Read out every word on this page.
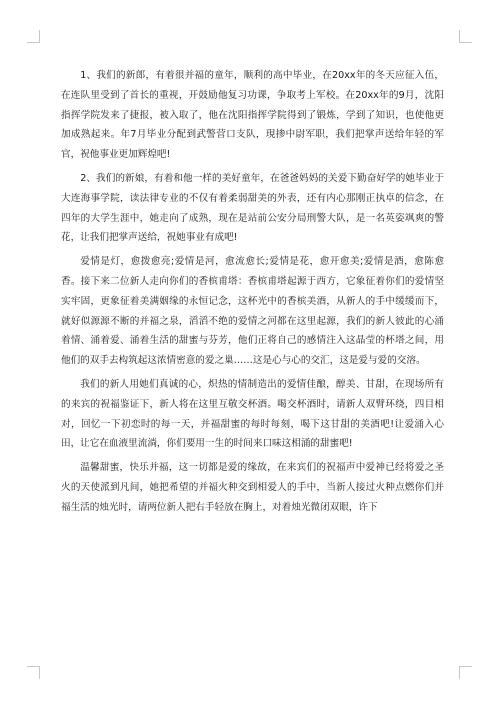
1、我们的新郎，有着很并福的童年，顺利的高中毕业，在20xx年的冬天应征入伍，在连队里受到了首长的重视，开鼓励他复习功课，争取考上军校。在20xx年的9月，沈阳指挥学院发来了捷报，被入取了，他在沈阳指挥学院得到了锻炼，学到了知识，也使他更加成熟起来。年7月毕业分配到武警营口支队，現掺中尉军职，我们把掌声送给年轻的军官，祝他事业更加辉煌吧!

2、我们的新娘，有着和他一样的美好童年，在爸爸妈妈的关爱下勤奋好学的她毕业于大连海事学院，读法律专业的不仅有着柔弱甜美的外表，还有内心那刚正执卓的信念，在四年的大学生涯中，她走向了成熟，现在是站前公安分局刑警大队，是一名英姿飒爽的警花，让我们把掌声送给，祝她事业有成吧!

爱情是灯，愈拨愈亮;爱情是河，愈流愈长;爱情是花，愈开愈美;爱情是酒，愈陈愈香。接下来二位新人走向你们的香槟甫塔：香槟甫塔起源于西方，它象征着你们的爱情坚实牢固，更象征着美满姻缘的永恒记念，这杯光中的香槟美酒，从新人的手中缓缓而下，就好似源源不断的并福之泉，滔滔不绝的爱情之河都在这里起源，我们的新人彼此的心涌着情、涌着爱、涌着生活的甜蜜与芬芳，他们正将自己的感情注入这晶莹的杯塔之间，用他们的双手去构筑起这浓情密意的爱之巢……这是心与心的交汇，这是爱与爱的交溶。

我们的新人用她们真诚的心，炽热的情制造出的爱情佳酿，醇美、甘甜，在现场所有的来宾的祝福鉴证下，新人将在这里互敬交杯酒。喝交杯酒时，请新人双臂环绕，四目相对，回忆一下初恋时的每一天，并福甜蜜的每时每刻，喝下这甘甜的美酒吧!让爱涌入心田，让它在血液里流淌，你们要用一生的时间来口味这相涌的甜蜜吧!

温馨甜蜜，快乐并福，这一切都是爱的缘故，在来宾们的祝福声中爱神已经将爱之圣火的天使派到凡间，她把希望的并福火种交到相爱人的手中，当新人接过火种点燃你们并福生活的烛光时，请两位新人把右手轻放在胸上，对着烛光微闭双眼，许下
